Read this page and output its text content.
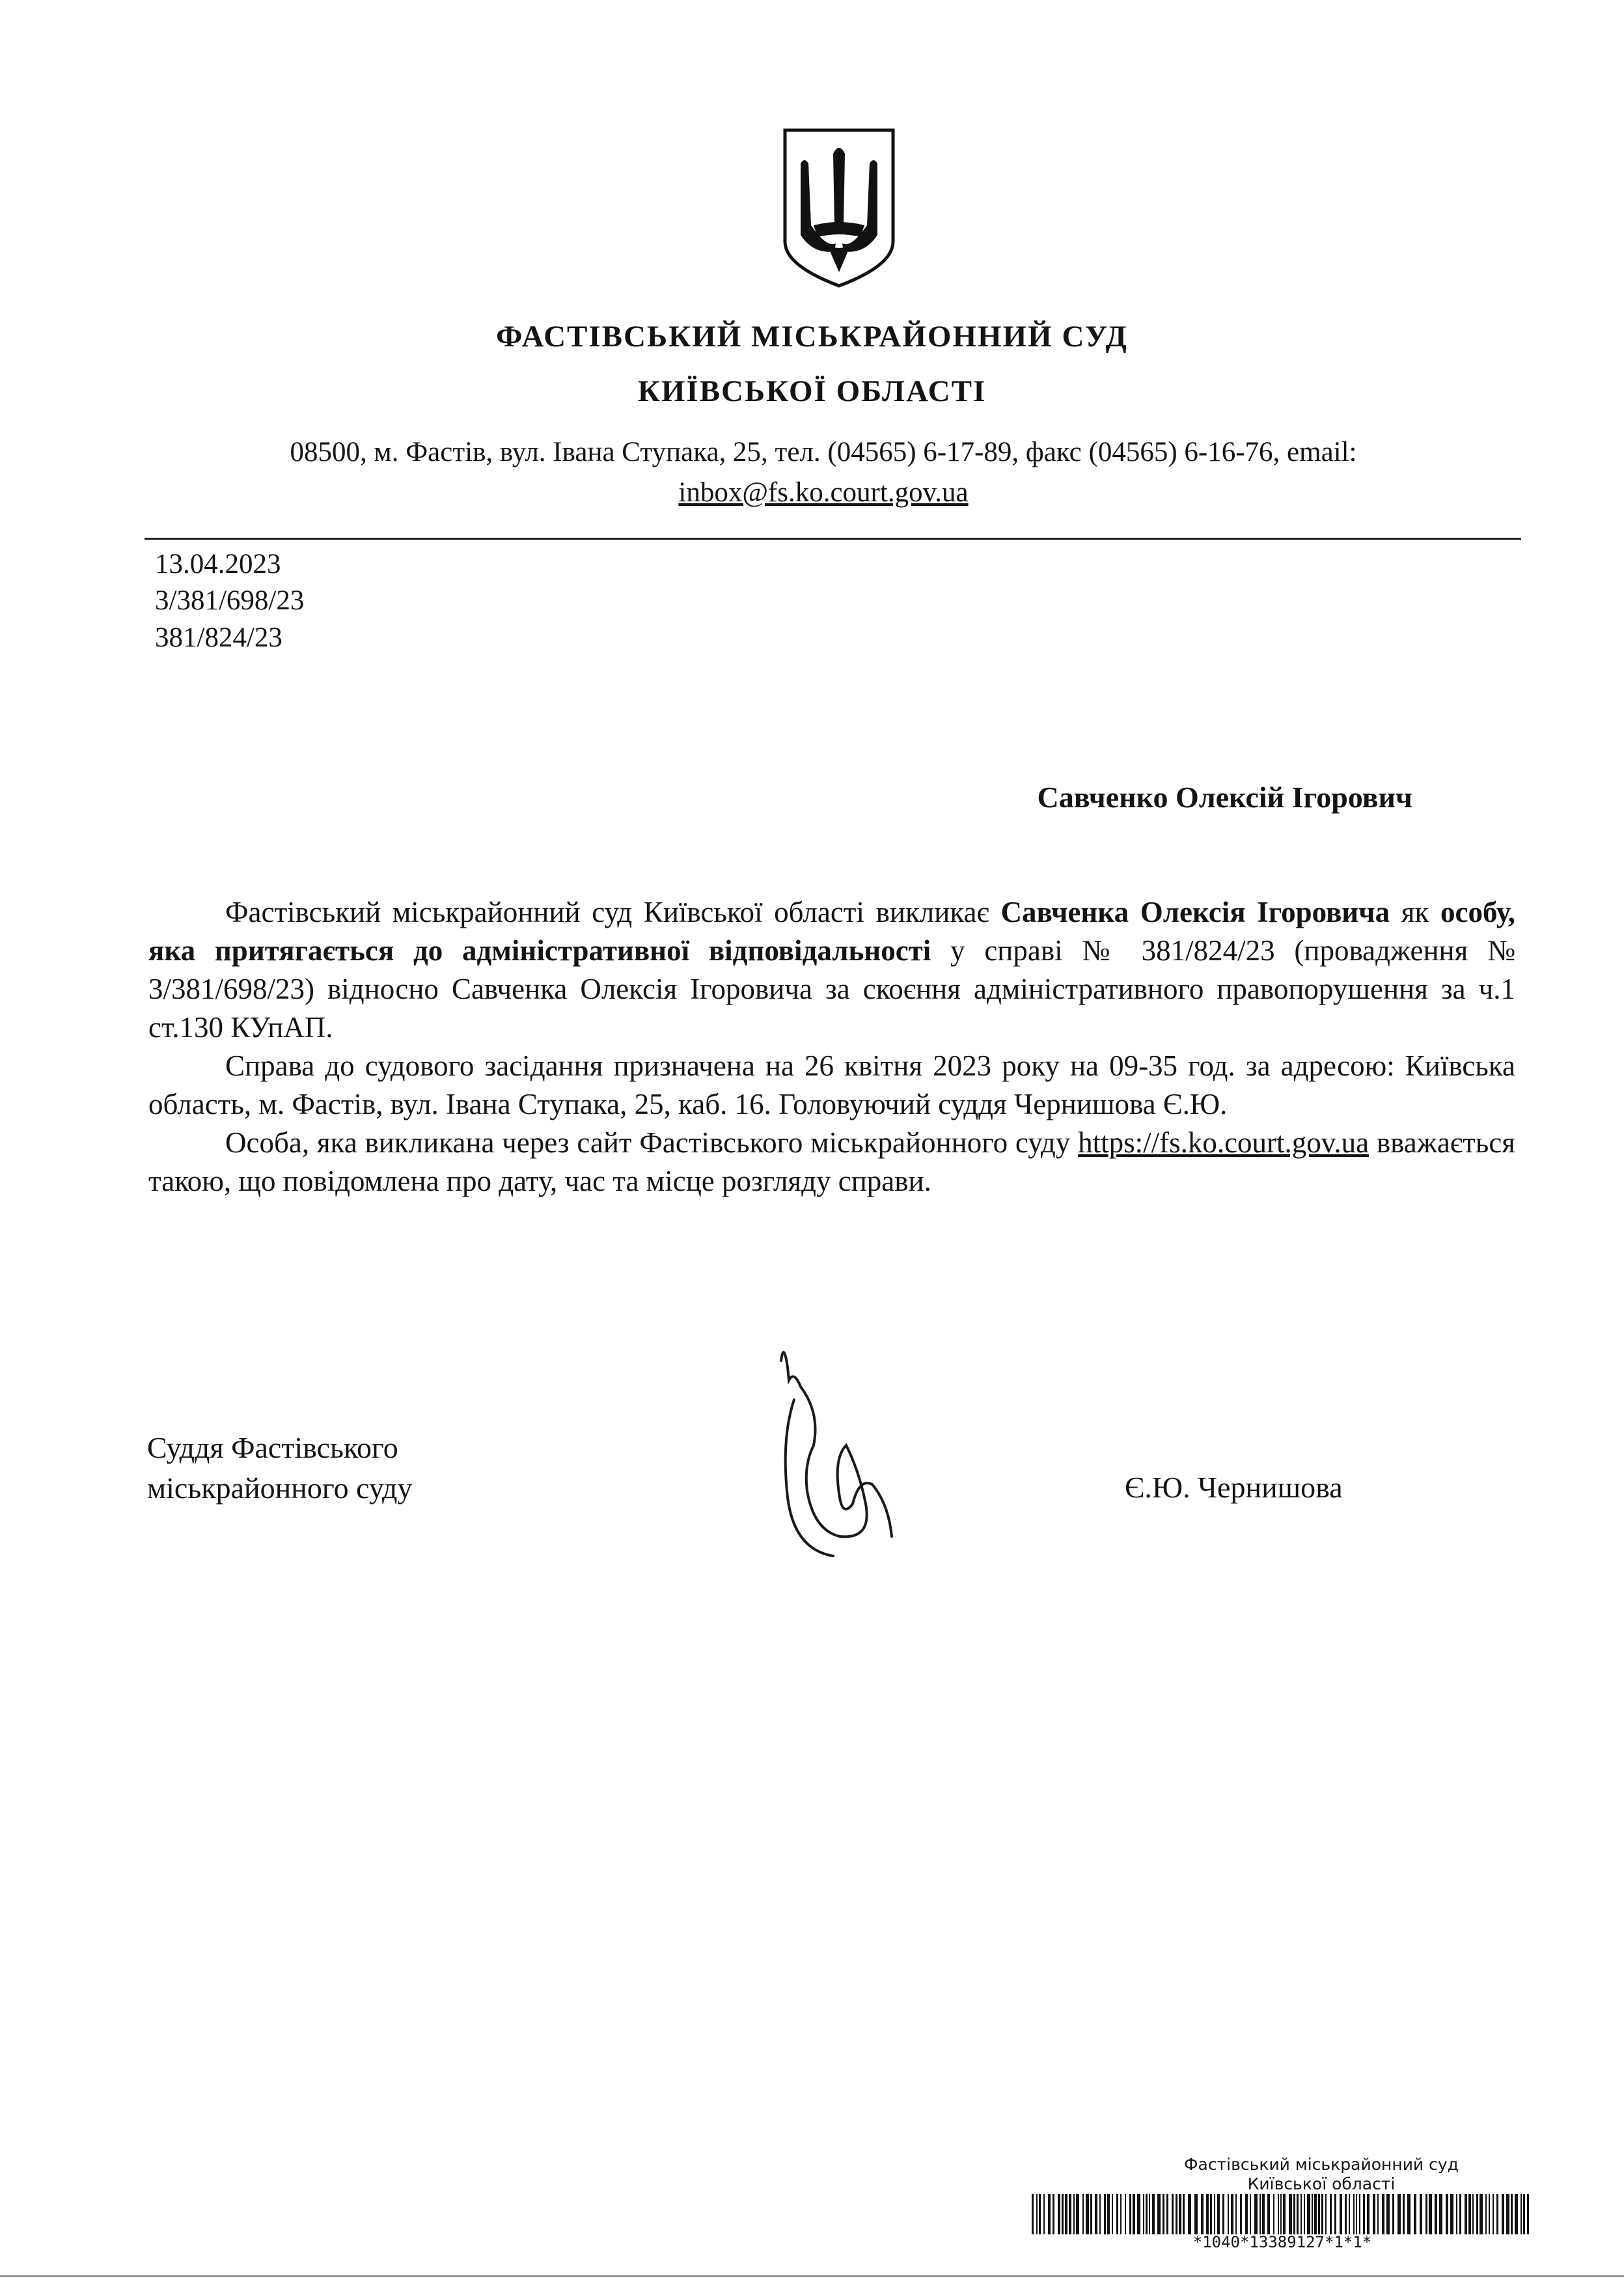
ФАСТІВСЬКИЙ МІСЬКРАЙОННИЙ СУД
КИЇВСЬКОЇ ОБЛАСТІ
08500, м. Фастів, вул. Івана Ступака, 25, тел. (04565) 6-17-89, факс (04565) 6-16-76, email:
inbox@fs.ko.court.gov.ua
13.04.2023
3/381/698/23
381/824/23
Савченко Олексій Ігорович

Фастівський міськрайонний суд Київської області викликає Савченка Олексія Ігоровича як особу, яка притягається до адміністративної відповідальності у справі № 381/824/23 (провадження № 3/381/698/23) відносно Савченка Олексія Ігоровича за скоєння адміністративного правопорушення за ч.1 ст.130 КУпАП.

Справа до судового засідання призначена на 26 квітня 2023 року на 09-35 год. за адресою: Київська область, м. Фастів, вул. Івана Ступака, 25, каб. 16. Головуючий суддя Чернишова Є.Ю.

Особа, яка викликана через сайт Фастівського міськрайонного суду https://fs.ko.court.gov.ua вважається такою, що повідомлена про дату, час та місце розгляду справи.

Суддя Фастівського
міськрайонного суду	Є.Ю. Чернишова
Фастівський міськрайонний суд
Київської області
*1040*13389127*1*1*
